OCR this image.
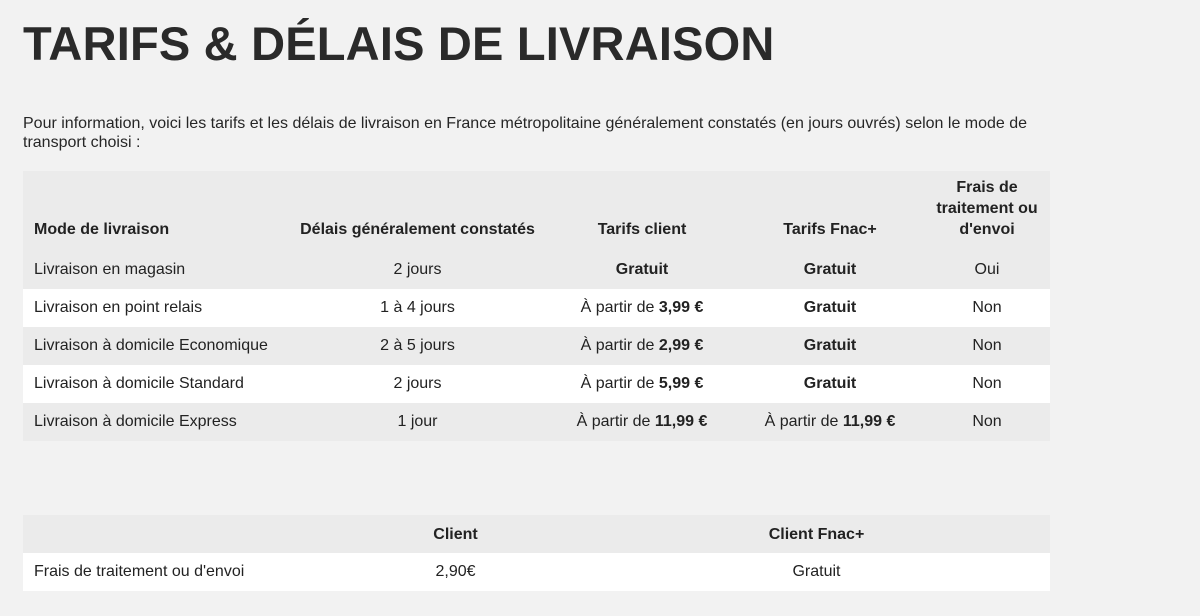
TARIFS & DÉLAIS DE LIVRAISON

Pour information, voici les tarifs et les délais de livraison en France métropolitaine généralement constatés (en jours ouvrés) selon le mode de transport choisi :

Mode de livraison	Délais généralement constatés	Tarifs client	Tarifs Fnac+	Frais de
traitement ou
d'envoi
Livraison en magasin	2 jours	Gratuit	Gratuit	Oui
Livraison en point relais	1 à 4 jours	À partir de 3,99 €	Gratuit	Non
Livraison à domicile Economique	2 à 5 jours	À partir de 2,99 €	Gratuit	Non
Livraison à domicile Standard	2 jours	À partir de 5,99 €	Gratuit	Non
Livraison à domicile Express	1 jour	À partir de 11,99 €	À partir de 11,99 €	Non
	Client	Client Fnac+
Frais de traitement ou d'envoi	2,90€	Gratuit
